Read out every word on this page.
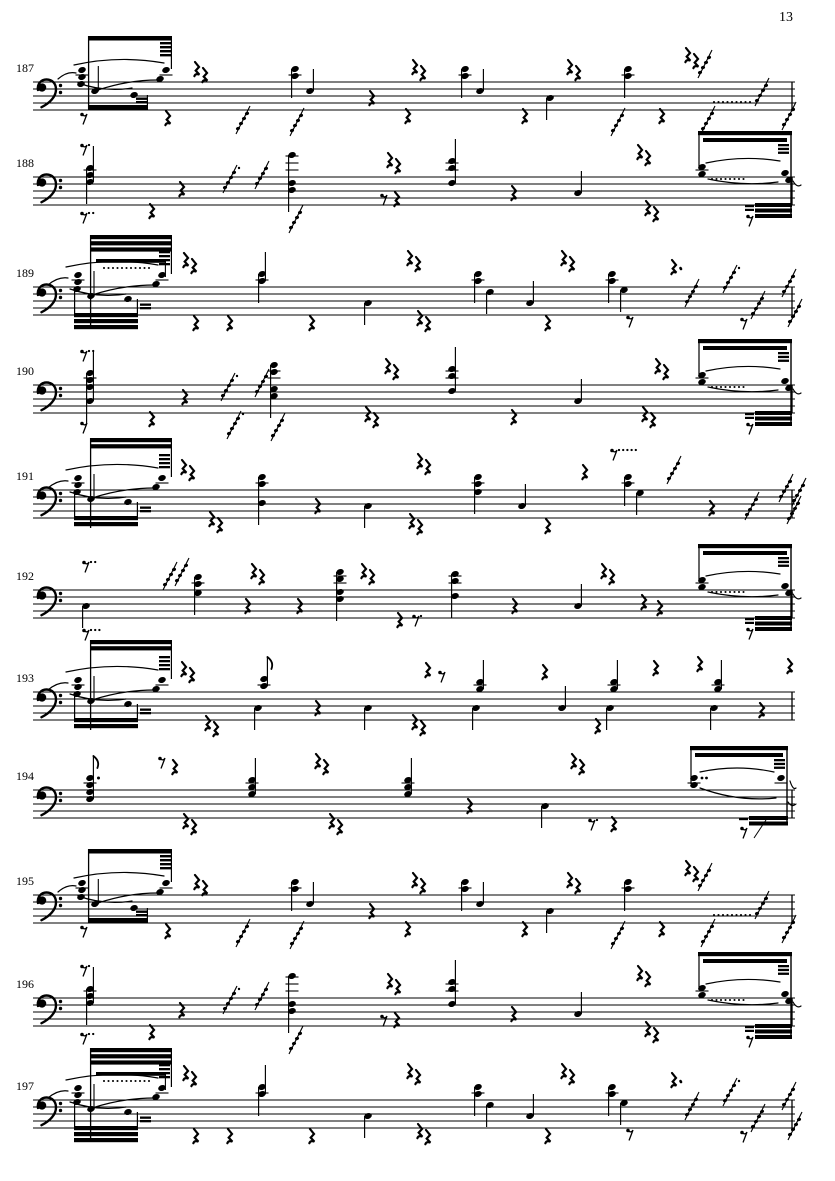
13
187
188
189
190
191
192
193
194
195
196
197
